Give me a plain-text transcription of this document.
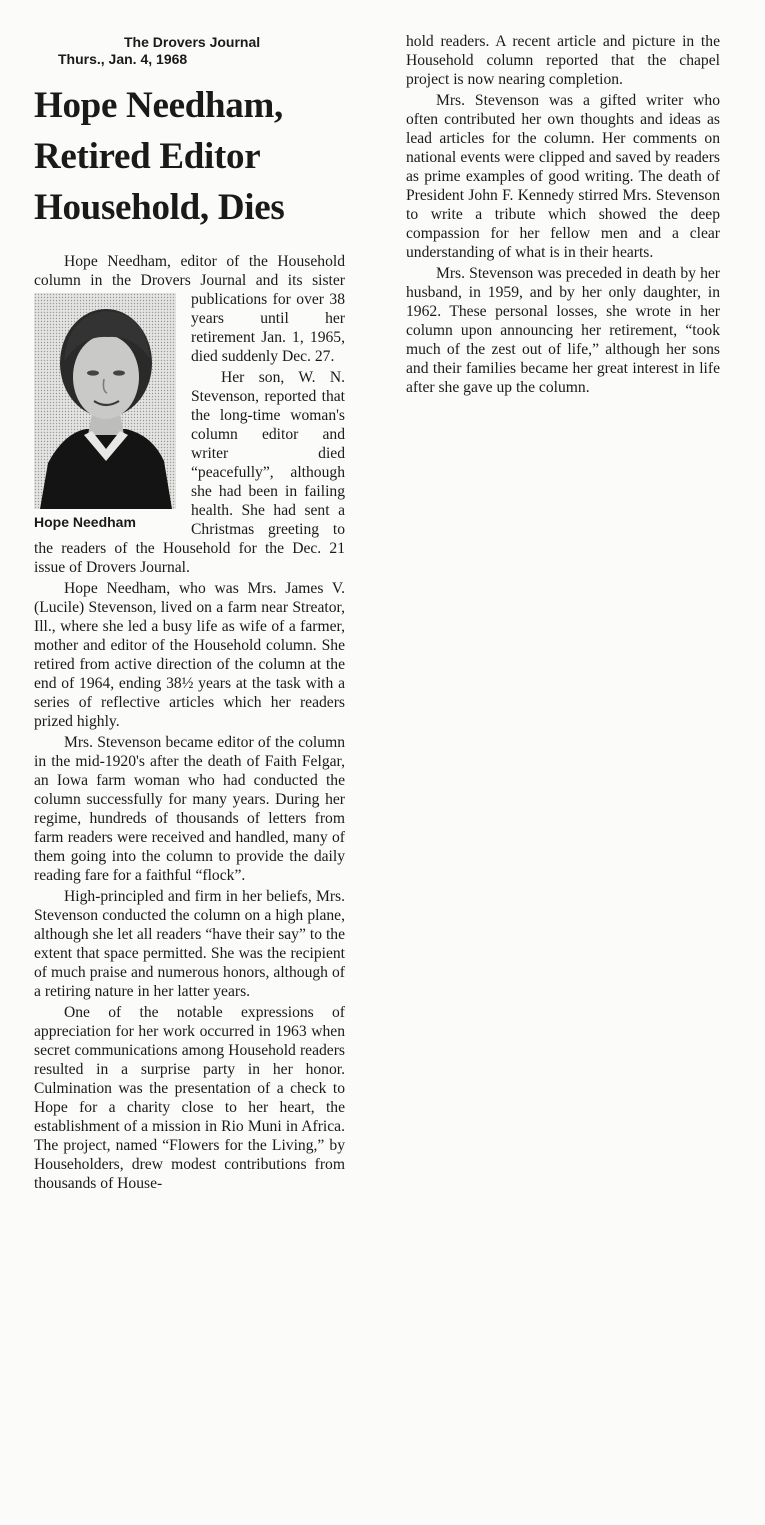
The Drovers Journal
Thurs., Jan. 4, 1968
Hope Needham,
Retired Editor
Household, Dies

Hope Needham, editor of the Household column in the Drovers Journal and its sister publications
Hope Needham
for over 38 years until her retirement Jan. 1, 1965, died suddenly Dec. 27.

Her son, W. N. Stevenson, reported that the long-time woman's column editor and writer died “peacefully”, although she had been in failing health. She had sent a Christmas greeting to the readers of the Household for the Dec. 21 issue of Drovers Journal.

Hope Needham, who was Mrs. James V. (Lucile) Stevenson, lived on a farm near Streator, Ill., where she led a busy life as wife of a farmer, mother and editor of the Household column. She retired from active direction of the column at the end of 1964, ending 38½ years at the task with a series of reflective articles which her readers prized highly.

Mrs. Stevenson became editor of the column in the mid-1920's after the death of Faith Felgar, an Iowa farm woman who had conducted the column successfully for many years. During her regime, hundreds of thousands of letters from farm readers were received and handled, many of them going into the column to provide the daily reading fare for a faithful “flock”.

High-principled and firm in her beliefs, Mrs. Stevenson conducted the column on a high plane, although she let all readers “have their say” to the extent that space permitted. She was the recipient of much praise and numerous honors, although of a retiring nature in her latter years.

One of the notable expressions of appreciation for her work occurred in 1963 when secret communications among Household readers resulted in a surprise party in her honor. Culmination was the presentation of a check to Hope for a charity close to her heart, the establishment of a mission in Rio Muni in Africa. The project, named “Flowers for the Living,” by Householders, drew modest contributions from thousands of House-

hold readers. A recent article and picture in the Household column reported that the chapel project is now nearing completion.

Mrs. Stevenson was a gifted writer who often contributed her own thoughts and ideas as lead articles for the column. Her comments on national events were clipped and saved by readers as prime examples of good writing. The death of President John F. Kennedy stirred Mrs. Stevenson to write a tribute which showed the deep compassion for her fellow men and a clear understanding of what is in their hearts.

Mrs. Stevenson was preceded in death by her husband, in 1959, and by her only daughter, in 1962. These personal losses, she wrote in her column upon announcing her retirement, “took much of the zest out of life,” although her sons and their families became her great interest in life after she gave up the column.
